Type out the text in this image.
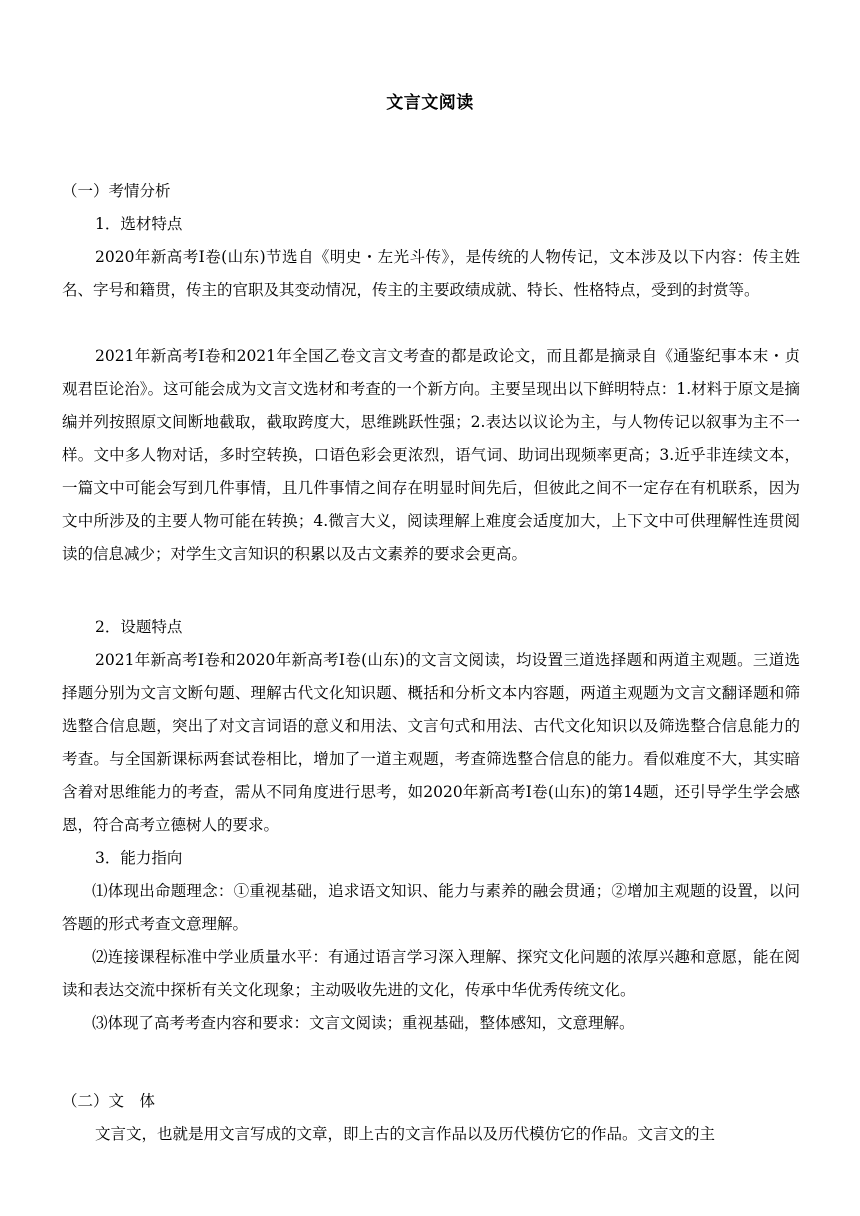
文言文阅读
（一）考情分析
1．选材特点

2020年新高考Ⅰ卷(山东)节选自《明史・左光斗传》，是传统的人物传记，文本涉及以下内容：传主姓名、字号和籍贯，传主的官职及其变动情况，传主的主要政绩成就、特长、性格特点，受到的封赏等。

2021年新高考Ⅰ卷和2021年全国乙卷文言文考查的都是政论文，而且都是摘录自《通鉴纪事本末・贞观君臣论治》。这可能会成为文言文选材和考查的一个新方向。主要呈现出以下鲜明特点：1.材料于原文是摘编并列按照原文间断地截取，截取跨度大，思维跳跃性强；2.表达以议论为主，与人物传记以叙事为主不一样。文中多人物对话，多时空转换，口语色彩会更浓烈，语气词、助词出现频率更高；3.近乎非连续文本，一篇文中可能会写到几件事情，且几件事情之间存在明显时间先后，但彼此之间不一定存在有机联系，因为文中所涉及的主要人物可能在转换；4.微言大义，阅读理解上难度会适度加大，上下文中可供理解性连贯阅读的信息减少；对学生文言知识的积累以及古文素养的要求会更高。

2．设题特点

2021年新高考Ⅰ卷和2020年新高考Ⅰ卷(山东)的文言文阅读，均设置三道选择题和两道主观题。三道选择题分别为文言文断句题、理解古代文化知识题、概括和分析文本内容题，两道主观题为文言文翻译题和筛选整合信息题，突出了对文言词语的意义和用法、文言句式和用法、古代文化知识以及筛选整合信息能力的考查。与全国新课标两套试卷相比，增加了一道主观题，考查筛选整合信息的能力。看似难度不大，其实暗含着对思维能力的考查，需从不同角度进行思考，如2020年新高考Ⅰ卷(山东)的第14题，还引导学生学会感恩，符合高考立德树人的要求。

3．能力指向

⑴体现出命题理念：①重视基础，追求语文知识、能力与素养的融会贯通；②增加主观题的设置，以问答题的形式考查文意理解。

⑵连接课程标准中学业质量水平：有通过语言学习深入理解、探究文化问题的浓厚兴趣和意愿，能在阅读和表达交流中探析有关文化现象；主动吸收先进的文化，传承中华优秀传统文化。

⑶体现了高考考查内容和要求：文言文阅读；重视基础，整体感知，文意理解。

（二）文　体

文言文，也就是用文言写成的文章，即上古的文言作品以及历代模仿它的作品。文言文的主
